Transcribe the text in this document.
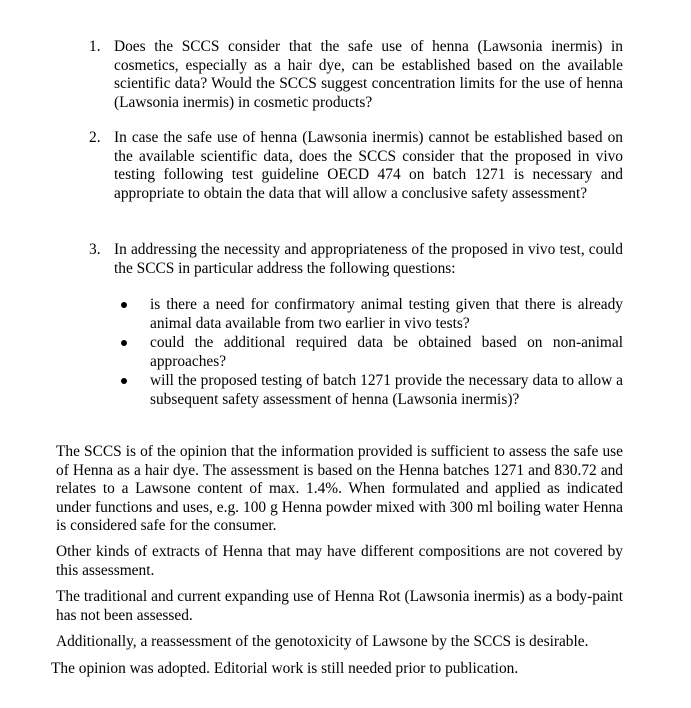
1. Does the SCCS consider that the safe use of henna (Lawsonia inermis) in cosmetics, especially as a hair dye, can be established based on the available scientific data? Would the SCCS suggest concentration limits for the use of henna (Lawsonia inermis) in cosmetic products?
2. In case the safe use of henna (Lawsonia inermis) cannot be established based on the available scientific data, does the SCCS consider that the proposed in vivo testing following test guideline OECD 474 on batch 1271 is necessary and appropriate to obtain the data that will allow a conclusive safety assessment?
3. In addressing the necessity and appropriateness of the proposed in vivo test, could the SCCS in particular address the following questions:
is there a need for confirmatory animal testing given that there is already animal data available from two earlier in vivo tests?
could the additional required data be obtained based on non-animal approaches?
will the proposed testing of batch 1271 provide the necessary data to allow a subsequent safety assessment of henna (Lawsonia inermis)?
The SCCS is of the opinion that the information provided is sufficient to assess the safe use of Henna as a hair dye. The assessment is based on the Henna batches 1271 and 830.72 and relates to a Lawsone content of max. 1.4%. When formulated and applied as indicated under functions and uses, e.g. 100 g Henna powder mixed with 300 ml boiling water Henna is considered safe for the consumer.
Other kinds of extracts of Henna that may have different compositions are not covered by this assessment.
The traditional and current expanding use of Henna Rot (Lawsonia inermis) as a body-paint has not been assessed.
Additionally, a reassessment of the genotoxicity of Lawsone by the SCCS is desirable.
The opinion was adopted. Editorial work is still needed prior to publication.
